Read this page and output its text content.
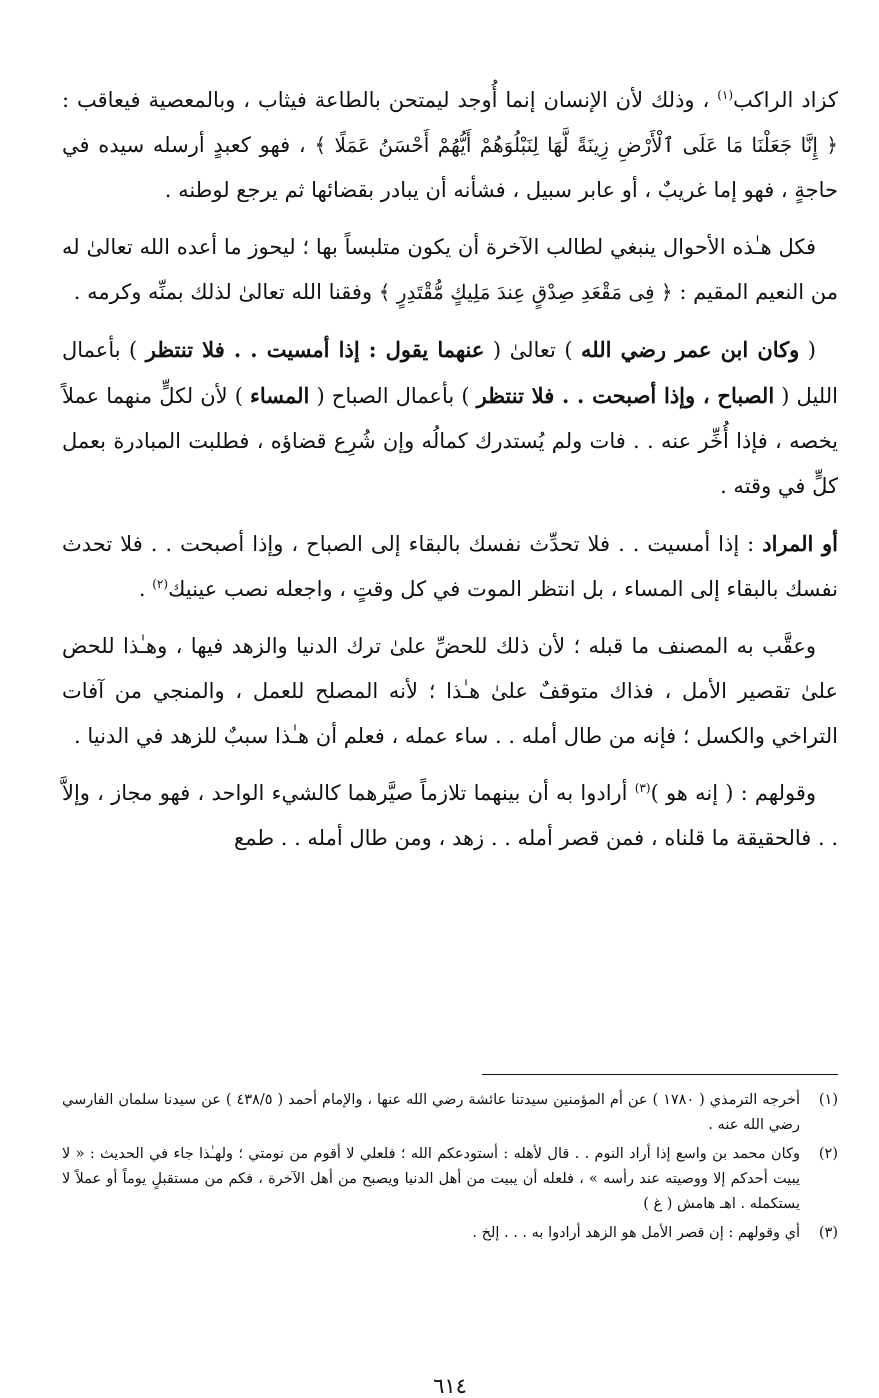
كزاد الراكب$^{(١)}$ ، وذلك لأن الإنسان إنما أُوجد ليمتحن بالطاعة فيثاب ، وبالمعصية فيعاقب : ﴿ إِنَّا جَعَلْنَا مَا عَلَى ٱلْأَرْضِ زِينَةً لَّهَا لِنَبْلُوَهُمْ أَيُّهُمْ أَحْسَنُ عَمَلًا ﴾ ، فهو كعبدٍ أرسله سيده في حاجةٍ ، فهو إما غريبٌ ، أو عابر سبيل ، فشأنه أن يبادر بقضائها ثم يرجع لوطنه .

فكل هـٰذه الأحوال ينبغي لطالب الآخرة أن يكون متلبساً بها ؛ ليحوز ما أعده الله تعالىٰ له من النعيم المقيم : ﴿ فِى مَقْعَدِ صِدْقٍ عِندَ مَلِيكٍ مُّقْتَدِرٍ ﴾ وفقنا الله تعالىٰ لذلك بمنِّه وكرمه .

( وكان ابن عمر رضي الله ) تعالىٰ ( عنهما يقول : إذا أمسيت . . فلا تنتظر ) بأعمال الليل ( الصباح ، وإذا أصبحت . . فلا تنتظر ) بأعمال الصباح ( المساء ) لأن لكلٍّ منهما عملاً يخصه ، فإذا أُخِّر عنه . . فات ولم يُستدرك كمالُه وإن شُرِع قضاؤه ، فطلبت المبادرة بعمل كلٍّ في وقته .

أو المراد : إذا أمسيت . . فلا تحدِّث نفسك بالبقاء إلى الصباح ، وإذا أصبحت . . فلا تحدث نفسك بالبقاء إلى المساء ، بل انتظر الموت في كل وقتٍ ، واجعله نصب عينيك$^{(٢)}$ .

وعقَّب به المصنف ما قبله ؛ لأن ذلك للحضِّ علىٰ ترك الدنيا والزهد فيها ، وهـٰذا للحض علىٰ تقصير الأمل ، فذاك متوقفٌ علىٰ هـٰذا ؛ لأنه المصلح للعمل ، والمنجي من آفات التراخي والكسل ؛ فإنه من طال أمله . . ساء عمله ، فعلم أن هـٰذا سببٌ للزهد في الدنيا .

وقولهم : ( إنه هو )$^{(٣)}$ أرادوا به أن بينهما تلازماً صيَّرهما كالشيء الواحد ، فهو مجاز ، وإلاَّ . . فالحقيقة ما قلناه ، فمن قصر أمله . . زهد ، ومن طال أمله . . طمع

(١)
أخرجه الترمذي ( ١٧٨٠ ) عن أم المؤمنين سيدتنا عائشة رضي الله عنها ، والإمام أحمد ( ٤٣٨/٥ ) عن سيدنا سلمان الفارسي رضي الله عنه .
(٢)
وكان محمد بن واسع إذا أراد النوم . . قال لأهله : أستودعكم الله ؛ فلعلي لا أقوم من نومتي ؛ ولهـٰذا جاء في الحديث : « لا يبيت أحدكم إلا ووصيته عند رأسه » ، فلعله أن يبيت من أهل الدنيا ويصبح من أهل الآخرة ، فكم من مستقبلٍ يوماً أو عملاً لا يستكمله . اهـ هامش ( غ )
(٣)
أي وقولهم : إن قصر الأمل هو الزهد أرادوا به . . . إلخ .
٦١٤
